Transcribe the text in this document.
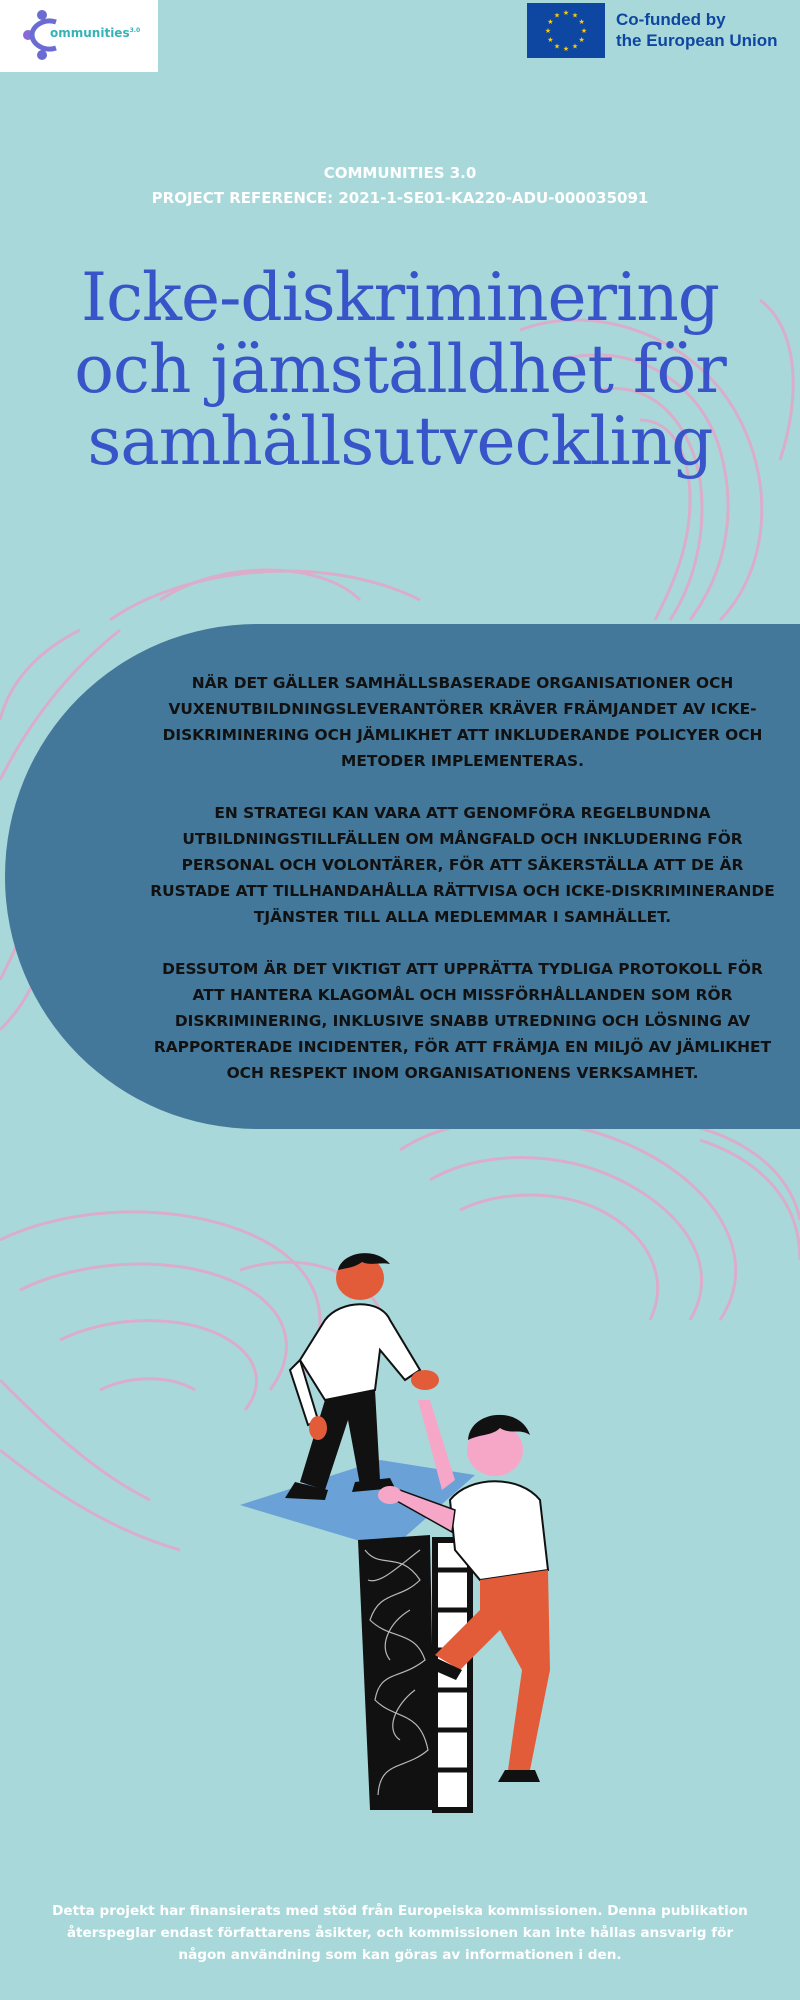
ommunities$^{3.0}$
★ ★
★
★
★
★
★
★
★
★
★
★	Co-funded by
the European Union
COMMUNITIES 3.0
PROJECT REFERENCE: 2021-1-SE01-KA220-ADU-000035091
Icke-diskriminering
och jämställdhet för
samhällsutveckling

NÄR DET GÄLLER SAMHÄLLSBASERADE ORGANISATIONER OCH VUXENUTBILDNINGSLEVERANTÖRER KRÄVER FRÄMJANDET AV ICKE-DISKRIMINERING OCH JÄMLIKHET ATT INKLUDERANDE POLICYER OCH METODER IMPLEMENTERAS.

EN STRATEGI KAN VARA ATT GENOMFÖRA REGELBUNDNA UTBILDNINGSTILLFÄLLEN OM MÅNGFALD OCH INKLUDERING FÖR PERSONAL OCH VOLONTÄRER, FÖR ATT SÄKERSTÄLLA ATT DE ÄR RUSTADE ATT TILLHANDAHÅLLA RÄTTVISA OCH ICKE-DISKRIMINERANDE TJÄNSTER TILL ALLA MEDLEMMAR I SAMHÄLLET.

DESSUTOM ÄR DET VIKTIGT ATT UPPRÄTTA TYDLIGA PROTOKOLL FÖR ATT HANTERA KLAGOMÅL OCH MISSFÖRHÅLLANDEN SOM RÖR DISKRIMINERING, INKLUSIVE SNABB UTREDNING OCH LÖSNING AV RAPPORTERADE INCIDENTER, FÖR ATT FRÄMJA EN MILJÖ AV JÄMLIKHET OCH RESPEKT INOM ORGANISATIONENS VERKSAMHET.

Detta projekt har finansierats med stöd från Europeiska kommissionen. Denna publikation återspeglar endast författarens åsikter, och kommissionen kan inte hållas ansvarig för någon användning som kan göras av informationen i den.
